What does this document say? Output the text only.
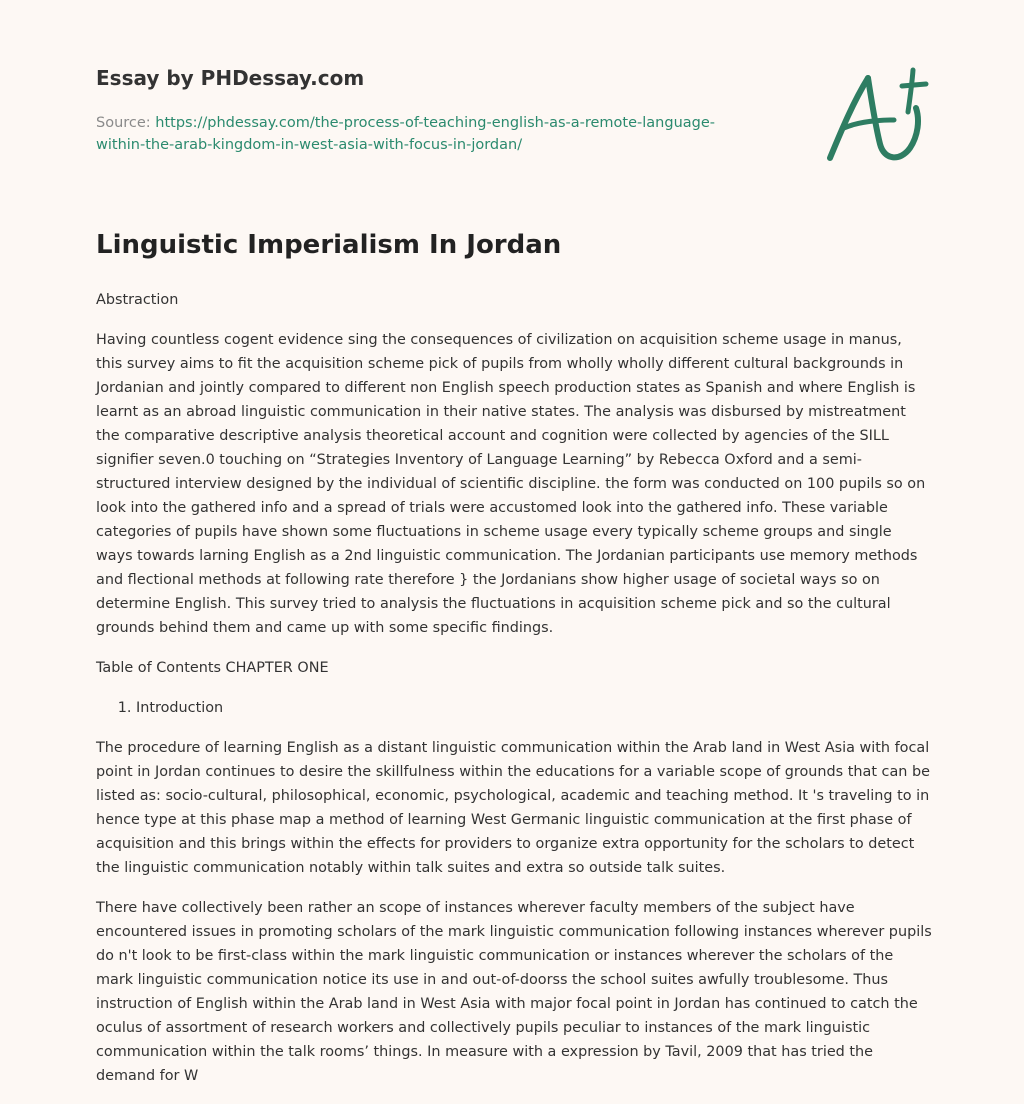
Essay by PHDessay.com
Source: https://phdessay.com/the-process-of-teaching-english-as-a-remote-language-
within-the-arab-kingdom-in-west-asia-with-focus-in-jordan/
Linguistic Imperialism In Jordan

Abstraction

Having countless cogent evidence sing the consequences of civilization on acquisition scheme usage in manus, this survey aims to fit the acquisition scheme pick of pupils from wholly wholly different cultural backgrounds in Jordanian and jointly compared to different non English speech production states as Spanish and where English is learnt as an abroad linguistic communication in their native states. The analysis was disbursed by mistreatment the comparative descriptive analysis theoretical account and cognition were collected by agencies of the SILL signifier seven.0 touching on “Strategies Inventory of Language Learning” by Rebecca Oxford and a semi-structured interview designed by the individual of scientific discipline. the form was conducted on 100 pupils so on look into the gathered info and a spread of trials were accustomed look into the gathered info. These variable categories of pupils have shown some fluctuations in scheme usage every typically scheme groups and single ways towards larning English as a 2nd linguistic communication. The Jordanian participants use memory methods and flectional methods at following rate therefore } the Jordanians show higher usage of societal ways so on determine English. This survey tried to analysis the fluctuations in acquisition scheme pick and so the cultural grounds behind them and came up with some specific findings.

Table of Contents CHAPTER ONE

1. Introduction

The procedure of learning English as a distant linguistic communication within the Arab land in West Asia with focal point in Jordan continues to desire the skillfulness within the educations for a variable scope of grounds that can be listed as: socio-cultural, philosophical, economic, psychological, academic and teaching method. It 's traveling to in hence type at this phase map a method of learning West Germanic linguistic communication at the first phase of acquisition and this brings within the effects for providers to organize extra opportunity for the scholars to detect the linguistic communication notably within talk suites and extra so outside talk suites.

There have collectively been rather an scope of instances wherever faculty members of the subject have encountered issues in promoting scholars of the mark linguistic communication following instances wherever pupils do n't look to be first-class within the mark linguistic communication or instances wherever the scholars of the mark linguistic communication notice its use in and out-of-doorss the school suites awfully troublesome. Thus instruction of English within the Arab land in West Asia with major focal point in Jordan has continued to catch the oculus of assortment of research workers and collectively pupils peculiar to instances of the mark linguistic communication within the talk rooms’ things. In measure with a expression by Tavil, 2009 that has tried the demand for W
